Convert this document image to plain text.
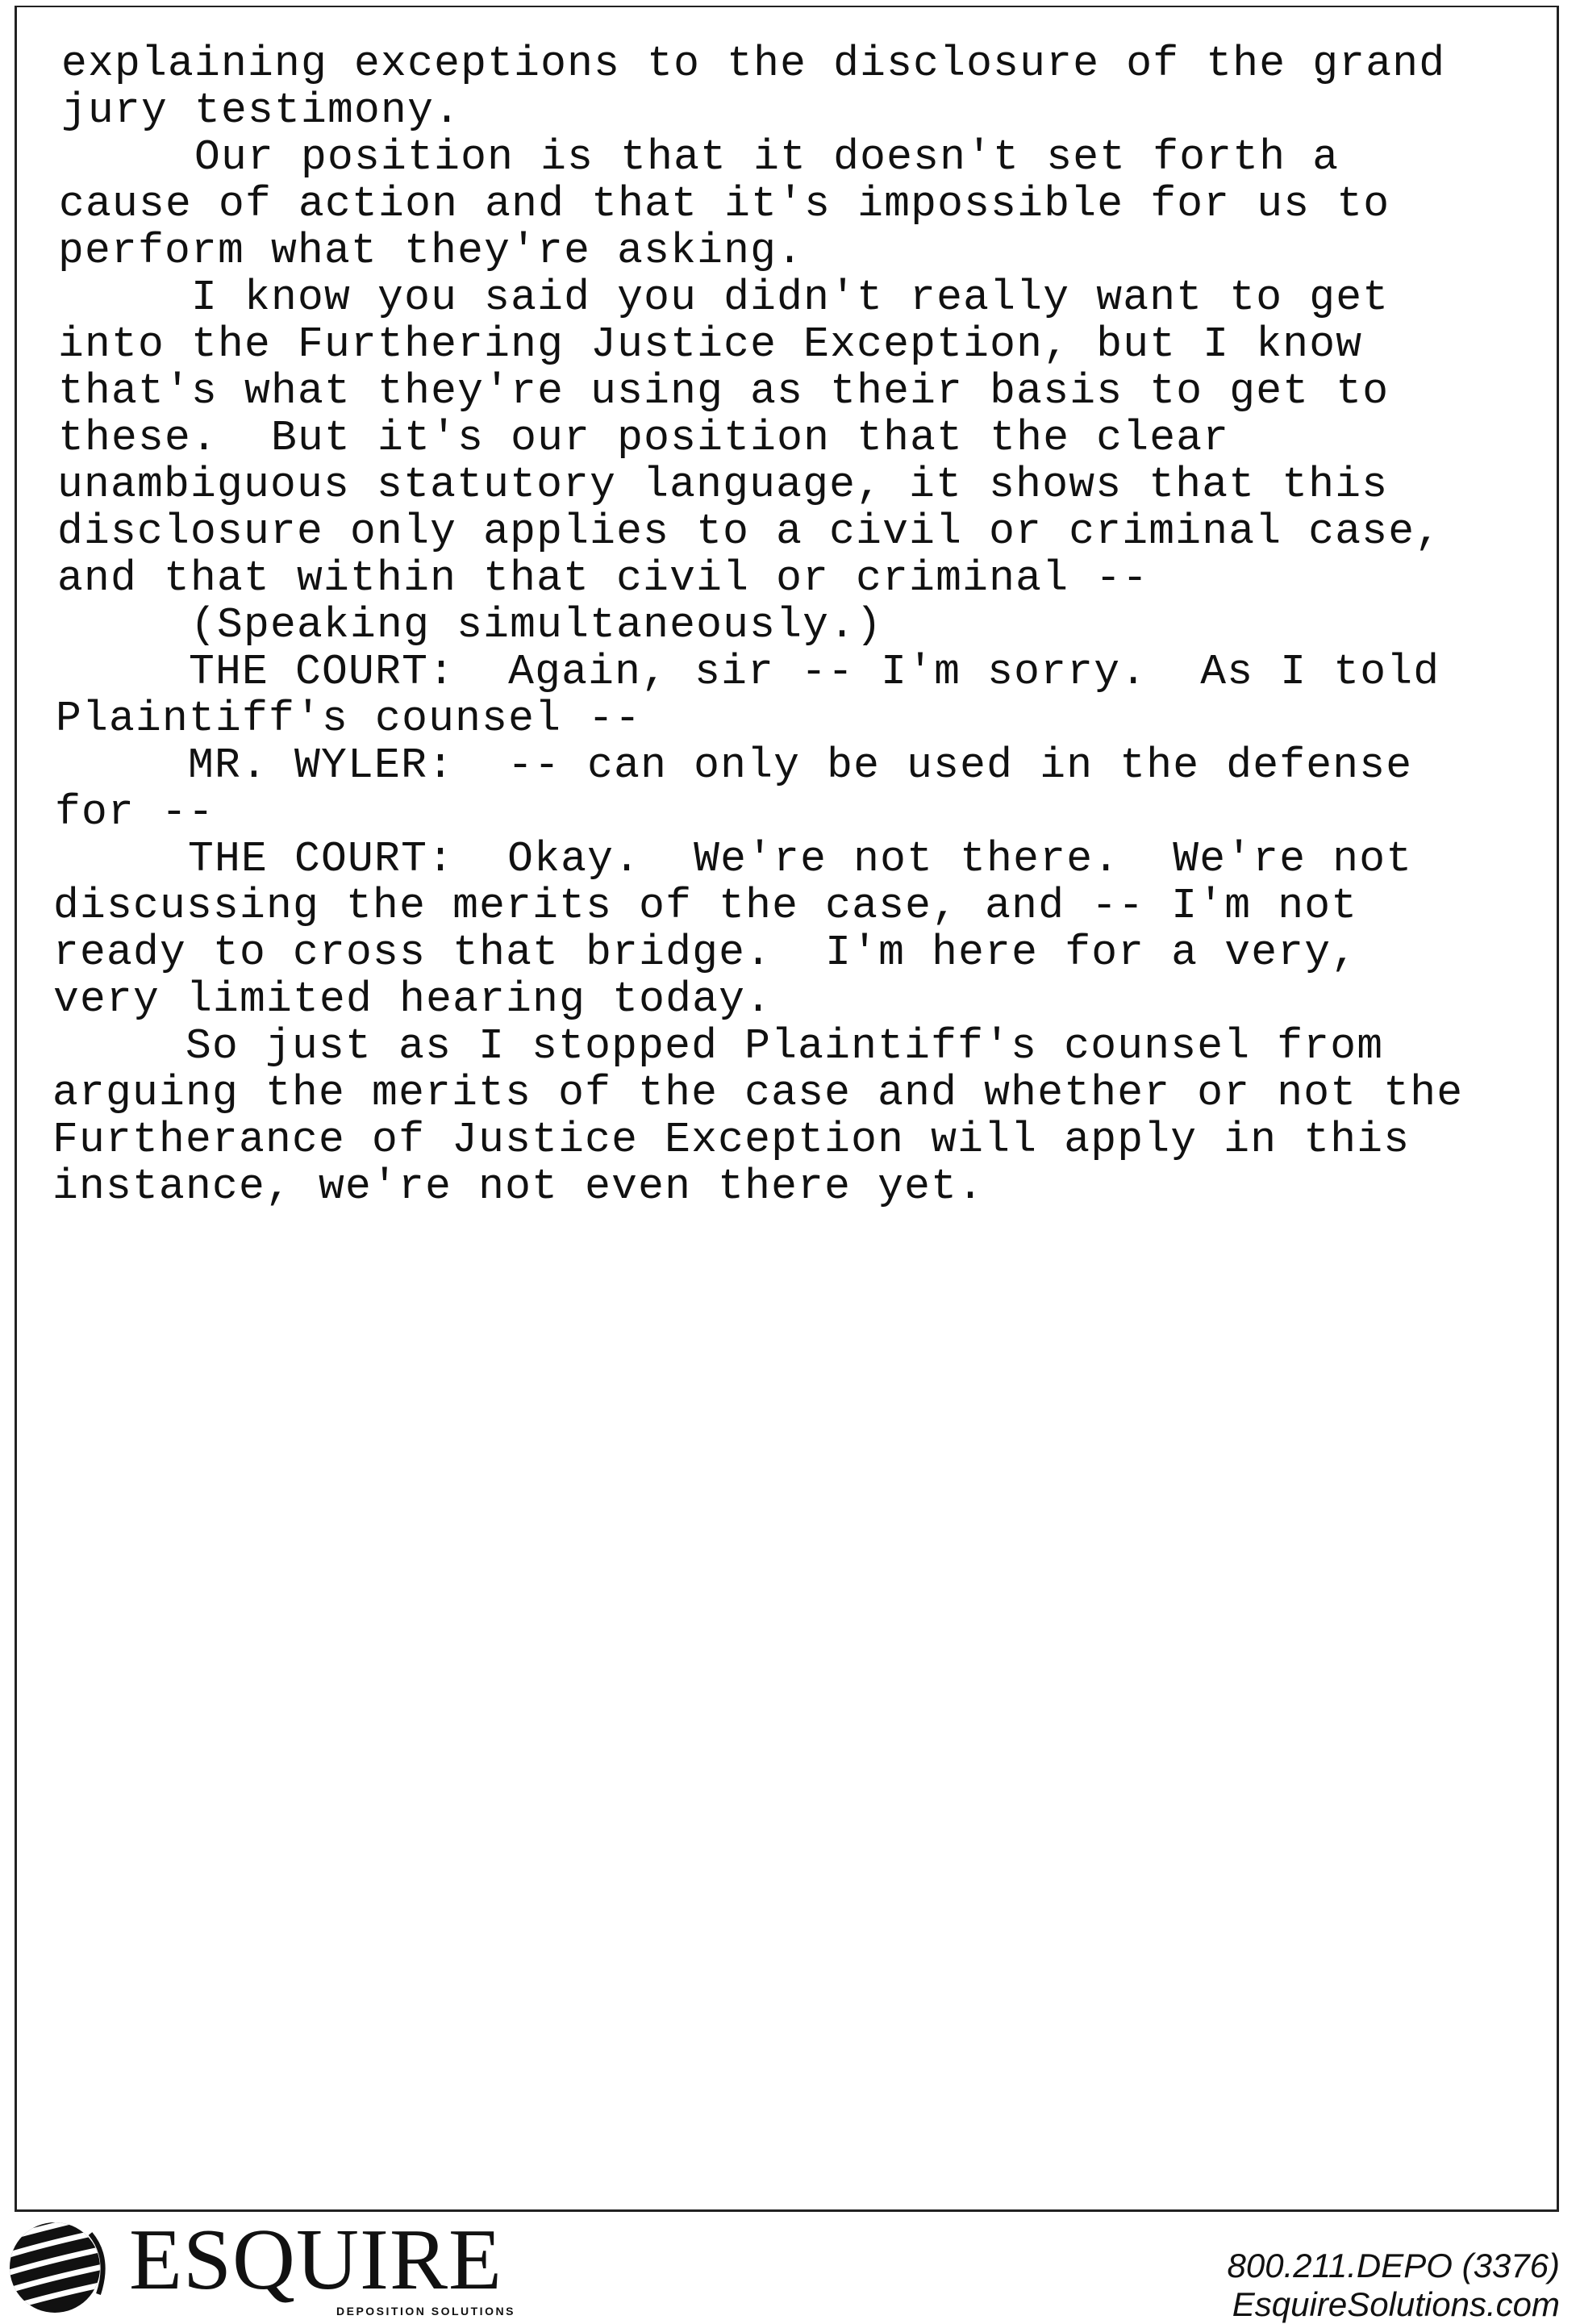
explaining exceptions to the disclosure of the grand
jury testimony.
Our position is that it doesn't set forth a
cause of action and that it's impossible for us to
perform what they're asking.
I know you said you didn't really want to get
into the Furthering Justice Exception, but I know
that's what they're using as their basis to get to
these.  But it's our position that the clear
unambiguous statutory language, it shows that this
disclosure only applies to a civil or criminal case,
and that within that civil or criminal --
(Speaking simultaneously.)
THE COURT:  Again, sir -- I'm sorry.  As I told
Plaintiff's counsel --
MR. WYLER:  -- can only be used in the defense
for --
THE COURT:  Okay.  We're not there.  We're not
discussing the merits of the case, and -- I'm not
ready to cross that bridge.  I'm here for a very,
very limited hearing today.
So just as I stopped Plaintiff's counsel from
arguing the merits of the case and whether or not the
Furtherance of Justice Exception will apply in this
instance, we're not even there yet.
ESQUIRE
DEPOSITION SOLUTIONS
800.211.DEPO (3376)
EsquireSolutions.com
